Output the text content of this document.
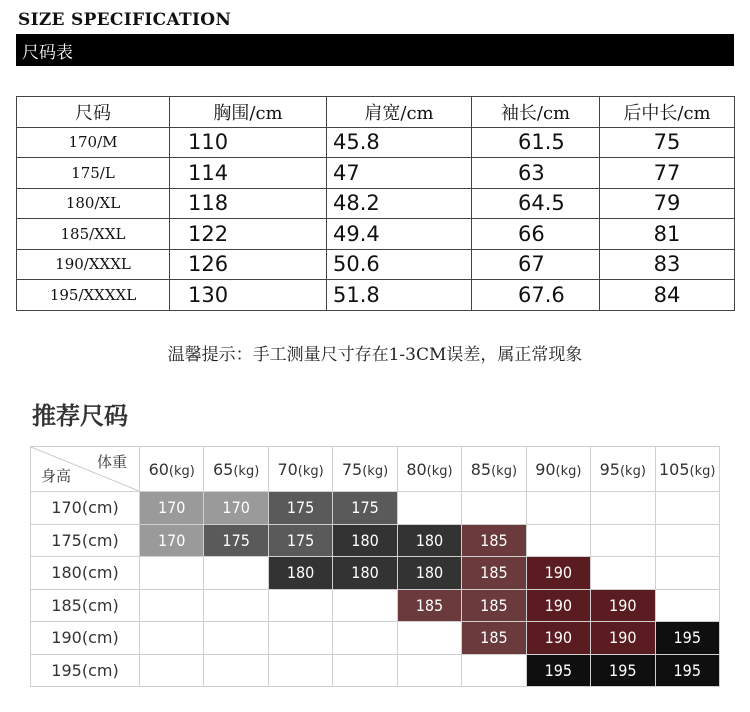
SIZE SPECIFICATION
尺码表
尺码	胸围/cm	肩宽/cm	袖长/cm	后中长/cm
170/M	110	45.8	61.5	75
175/L	114	47	63	77
180/XL	118	48.2	64.5	79
185/XXL	122	49.4	66	81
190/XXXL	126	50.6	67	83
195/XXXXL	130	51.8	67.6	84
温馨提示：手工测量尺寸存在1-3CM误差，属正常现象
推荐尺码
体重
身高	60(kg)	65(kg)	70(kg)	75(kg)	80(kg)	85(kg)	90(kg)	95(kg)	105(kg)
170(cm)	170	170	175	175					
175(cm)	170	175	175	180	180	185			
180(cm)			180	180	180	185	190		
185(cm)					185	185	190	190	
190(cm)						185	190	190	195
195(cm)							195	195	195
